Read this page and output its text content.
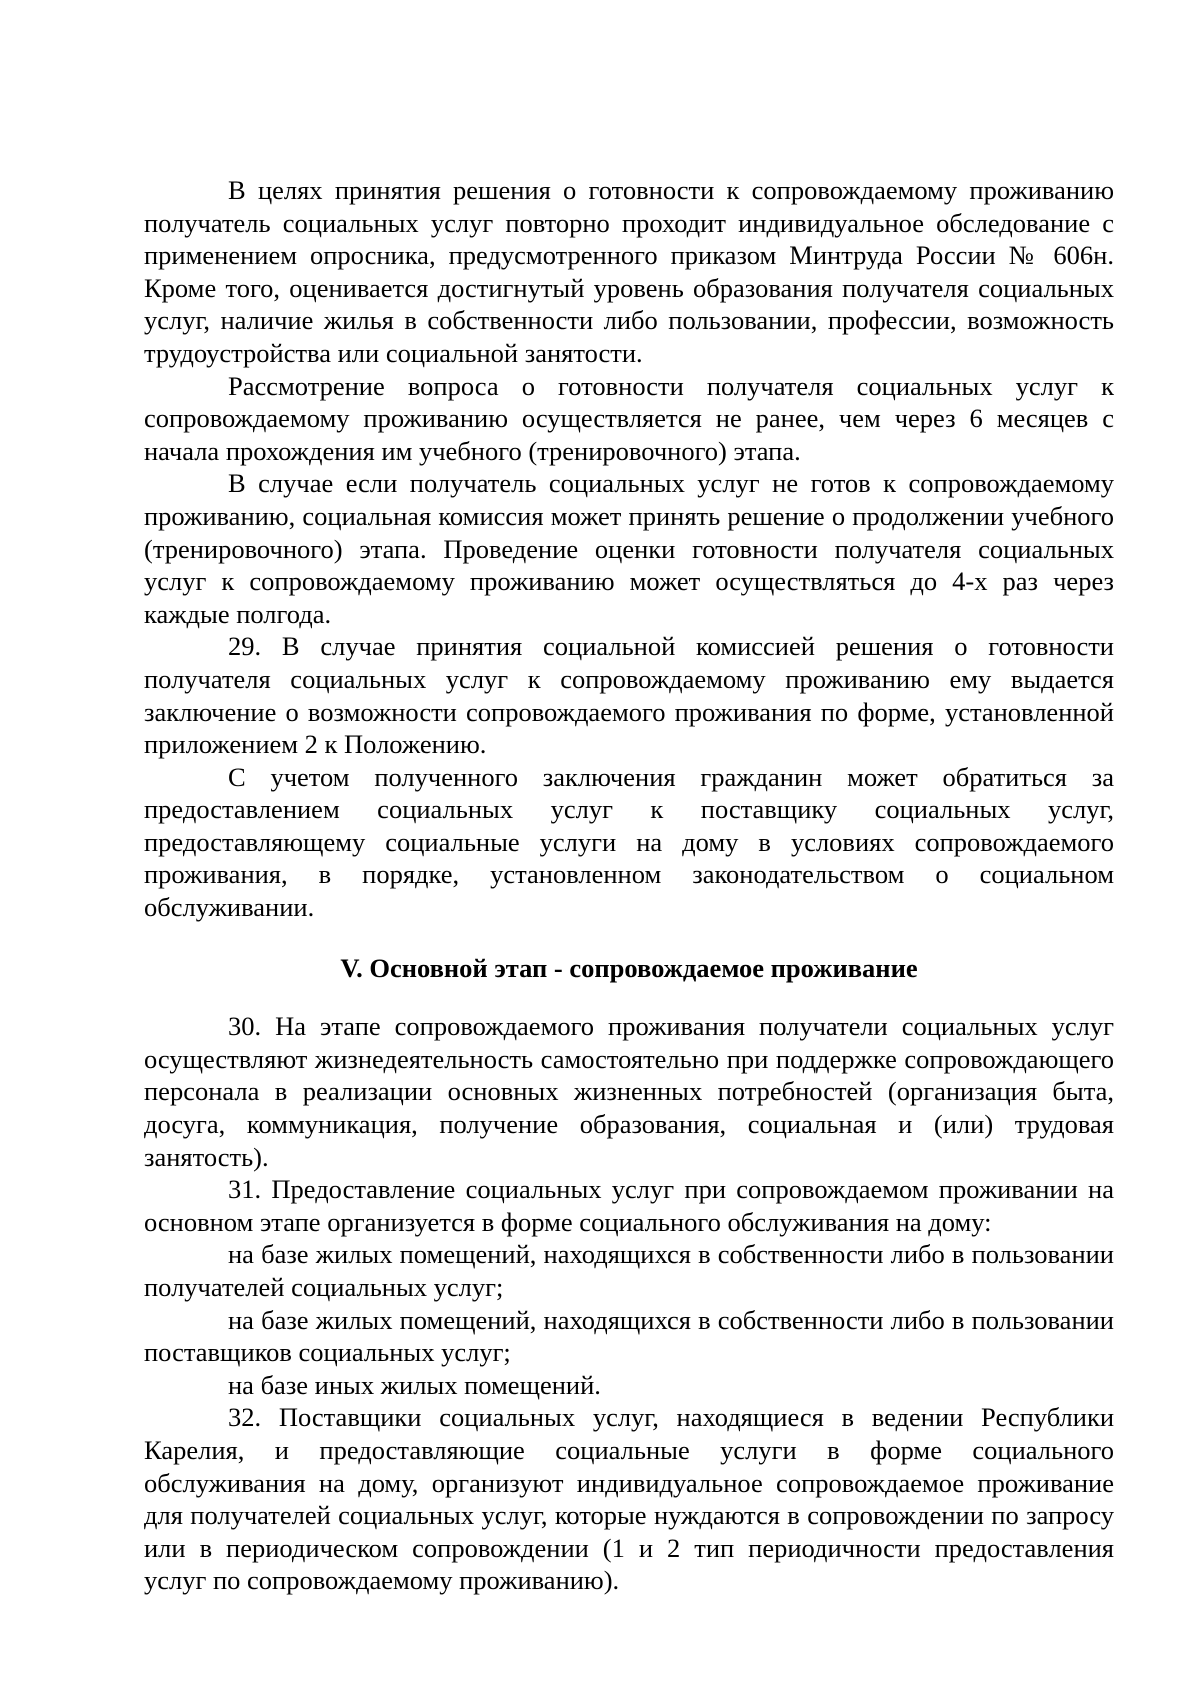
В целях принятия решения о готовности к сопровождаемому проживанию получатель социальных услуг повторно проходит индивидуальное обследование с применением опросника, предусмотренного приказом Минтруда России № 606н. Кроме того, оценивается достигнутый уровень образования получателя социальных услуг, наличие жилья в собственности либо пользовании, профессии, возможность трудоустройства или социальной занятости.

Рассмотрение вопроса о готовности получателя социальных услуг к сопровождаемому проживанию осуществляется не ранее, чем через 6 месяцев с начала прохождения им учебного (тренировочного) этапа.

В случае если получатель социальных услуг не готов к сопровождаемому проживанию, социальная комиссия может принять решение о продолжении учебного (тренировочного) этапа. Проведение оценки готовности получателя социальных услуг к сопровождаемому проживанию может осуществляться до 4-х раз через каждые полгода.

29. В случае принятия социальной комиссией решения о готовности получателя социальных услуг к сопровождаемому проживанию ему выдается заключение о возможности сопровождаемого проживания по форме, установленной приложением 2 к Положению.

С учетом полученного заключения гражданин может обратиться за предоставлением социальных услуг к поставщику социальных услуг, предоставляющему социальные услуги на дому в условиях сопровождаемого проживания, в порядке, установленном законодательством о социальном обслуживании.

V. Основной этап - сопровождаемое проживание

30. На этапе сопровождаемого проживания получатели социальных услуг осуществляют жизнедеятельность самостоятельно при поддержке сопровождающего персонала в реализации основных жизненных потребностей (организация быта, досуга, коммуникация, получение образования, социальная и (или) трудовая занятость).

31. Предоставление социальных услуг при сопровождаемом проживании на основном этапе организуется в форме социального обслуживания на дому:

на базе жилых помещений, находящихся в собственности либо в пользовании получателей социальных услуг;

на базе жилых помещений, находящихся в собственности либо в пользовании поставщиков социальных услуг;

на базе иных жилых помещений.

32. Поставщики социальных услуг, находящиеся в ведении Республики Карелия, и предоставляющие социальные услуги в форме социального обслуживания на дому, организуют индивидуальное сопровождаемое проживание для получателей социальных услуг, которые нуждаются в сопровождении по запросу или в периодическом сопровождении (1 и 2 тип периодичности предоставления услуг по сопровождаемому проживанию).
